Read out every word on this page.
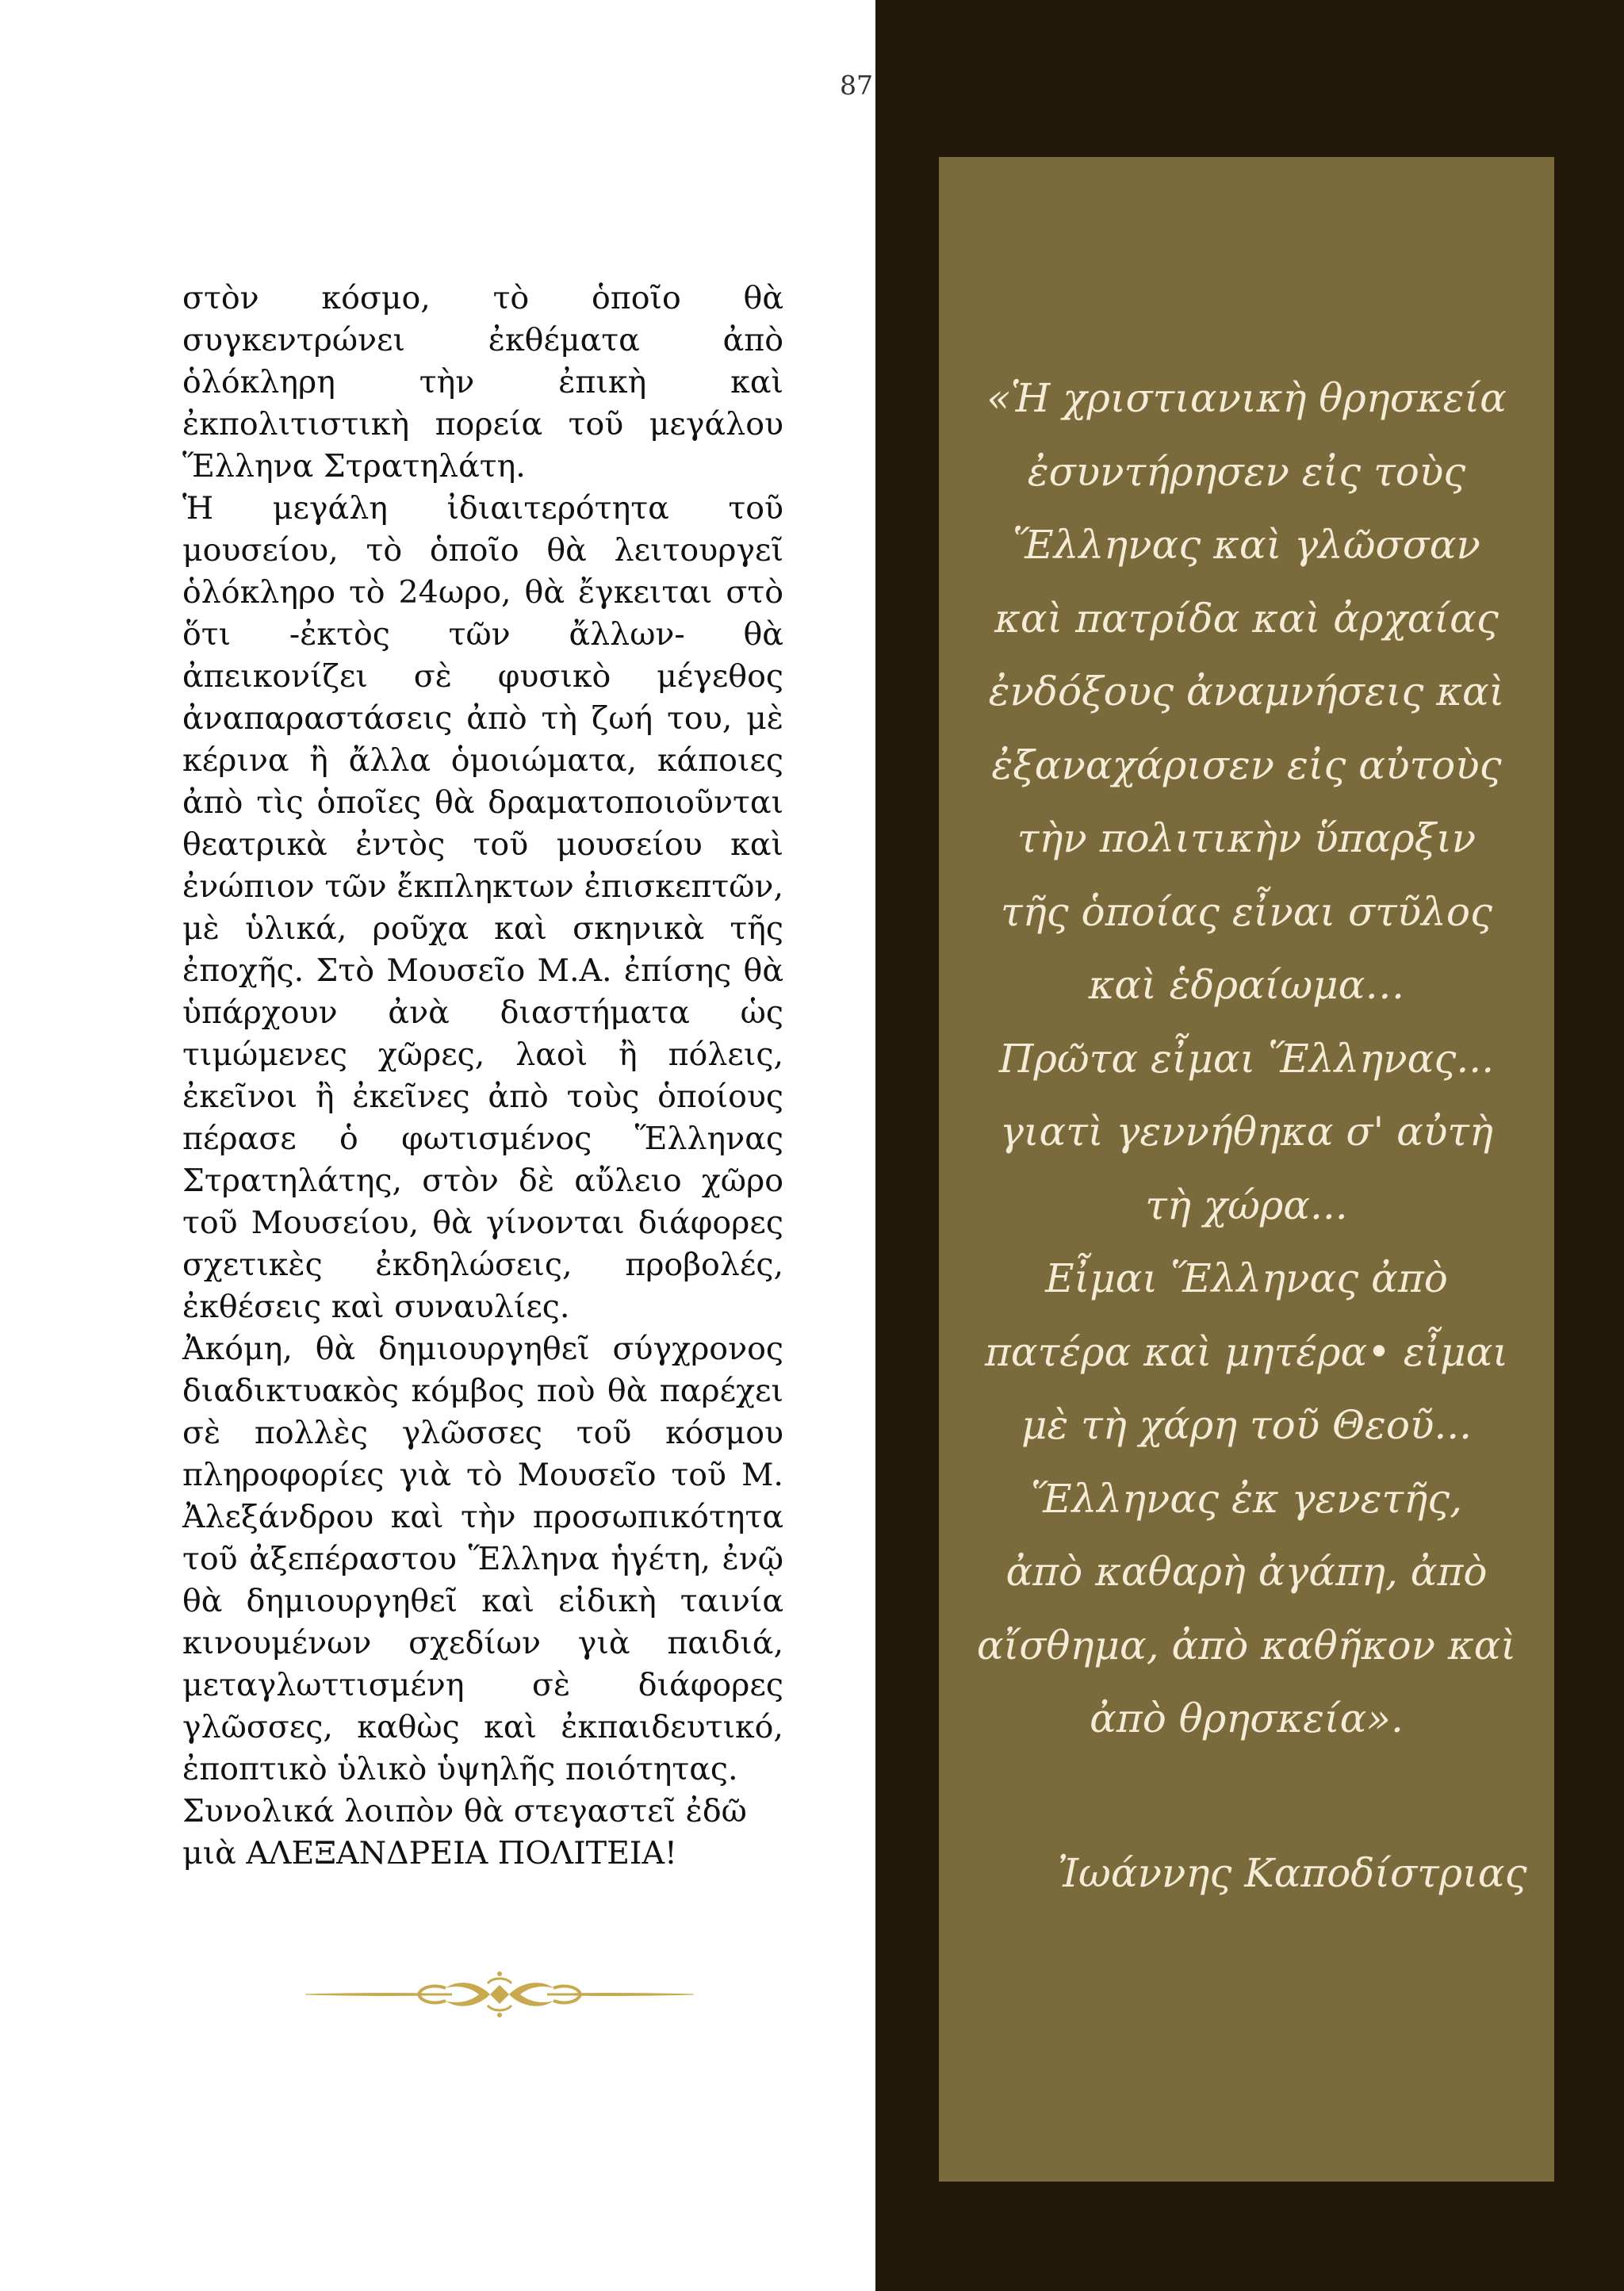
87

στὸν κόσμο, τὸ ὁποῖο θὰ συγκεντρώνει ἐκθέματα ἀπὸ ὁλόκληρη τὴν ἐπικὴ καὶ ἐκπολιτιστικὴ πορεία τοῦ μεγάλου Ἕλληνα Στρατηλάτη.

Ἡ μεγάλη ἰδιαιτερότητα τοῦ μουσείου, τὸ ὁποῖο θὰ λειτουργεῖ ὁλόκληρο τὸ 24ωρο, θὰ ἔγκειται στὸ ὅτι -ἐκτὸς τῶν ἄλλων- θὰ ἀπεικονίζει σὲ φυσικὸ μέγεθος ἀναπαραστάσεις ἀπὸ τὴ ζωή του, μὲ κέρινα ἢ ἄλλα ὁμοιώματα, κάποιες ἀπὸ τὶς ὁποῖες θὰ δραματοποιοῦνται θεατρικὰ ἐντὸς τοῦ μουσείου καὶ ἐνώπιον τῶν ἔκπληκτων ἐπισκεπτῶν, μὲ ὑλικά, ροῦχα καὶ σκηνικὰ τῆς ἐποχῆς. Στὸ Μουσεῖο Μ.Α. ἐπίσης θὰ ὑπάρχουν ἀνὰ διαστήματα ὡς τιμώμενες χῶρες, λαοὶ ἢ πόλεις, ἐκεῖνοι ἢ ἐκεῖνες ἀπὸ τοὺς ὁποίους πέρασε ὁ φωτισμένος Ἕλληνας Στρατηλάτης, στὸν δὲ αὔλειο χῶρο τοῦ Μουσείου, θὰ γίνονται διάφορες σχετικὲς ἐκδηλώσεις, προβολές, ἐκθέσεις καὶ συναυλίες.

Ἀκόμη, θὰ δημιουργηθεῖ σύγχρονος διαδικτυακὸς κόμβος ποὺ θὰ παρέχει σὲ πολλὲς γλῶσσες τοῦ κόσμου πληροφορίες γιὰ τὸ Μουσεῖο τοῦ Μ. Ἀλεξάνδρου καὶ τὴν προσωπικότητα τοῦ ἀξεπέραστου Ἕλληνα ἡγέτη, ἐνῷ θὰ δημιουργηθεῖ καὶ εἰδικὴ ταινία κινουμένων σχεδίων γιὰ παιδιά, μεταγλωττισμένη σὲ διάφορες γλῶσσες, καθὼς καὶ ἐκπαιδευτικό, ἐποπτικὸ ὑλικὸ ὑψηλῆς ποιότητας.

Συνολικά λοιπὸν θὰ στεγαστεῖ ἐδῶ

μιὰ ΑΛΕΞΑΝΔΡΕΙΑ ΠΟΛΙΤΕΙΑ!

«Ἡ χριστιανικὴ θρησκεία
ἐσυντήρησεν εἰς τοὺς
Ἕλληνας καὶ γλῶσσαν
καὶ πατρίδα καὶ ἀρχαίας
ἐνδόξους ἀναμνήσεις καὶ
ἐξαναχάρισεν εἰς αὐτοὺς
τὴν πολιτικὴν ὕπαρξιν
τῆς ὁποίας εἶναι στῦλος
καὶ ἑδραίωμα…
Πρῶτα εἶμαι Ἕλληνας...
γιατὶ γεννήθηκα σ' αὐτὴ
τὴ χώρα...
Εἶμαι Ἕλληνας ἀπὸ
πατέρα καὶ μητέρα• εἶμαι
μὲ τὴ χάρη τοῦ Θεοῦ...
Ἕλληνας ἐκ γενετῆς,
ἀπὸ καθαρὴ ἀγάπη, ἀπὸ
αἴσθημα, ἀπὸ καθῆκον καὶ
ἀπὸ θρησκεία».
Ἰωάννης Καποδίστριας
